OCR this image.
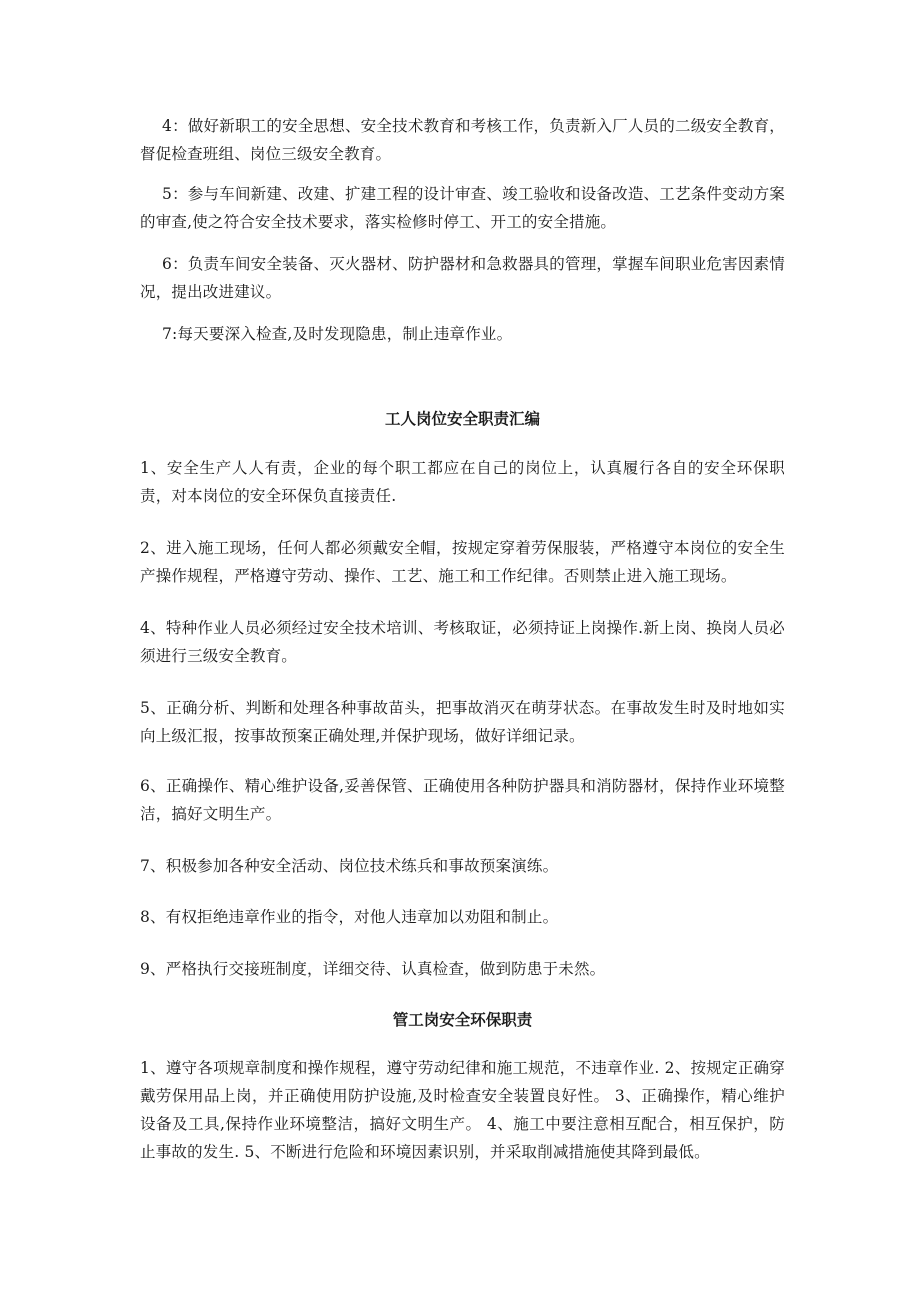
4：做好新职工的安全思想、安全技术教育和考核工作，负责新入厂人员的二级安全教育，督促检查班组、岗位三级安全教育。

5：参与车间新建、改建、扩建工程的设计审查、竣工验收和设备改造、工艺条件变动方案的审查,使之符合安全技术要求，落实检修时停工、开工的安全措施。

6：负责车间安全装备、灭火器材、防护器材和急救器具的管理，掌握车间职业危害因素情况，提出改进建议。

7:每天要深入检查,及时发现隐患，制止违章作业。

工人岗位安全职责汇编

1、安全生产人人有责，企业的每个职工都应在自己的岗位上，认真履行各自的安全环保职责，对本岗位的安全环保负直接责任.

2、进入施工现场，任何人都必须戴安全帽，按规定穿着劳保服装，严格遵守本岗位的安全生产操作规程，严格遵守劳动、操作、工艺、施工和工作纪律。否则禁止进入施工现场。

4、特种作业人员必须经过安全技术培训、考核取证，必须持证上岗操作.新上岗、换岗人员必须进行三级安全教育。

5、正确分析、判断和处理各种事故苗头，把事故消灭在萌芽状态。在事故发生时及时地如实向上级汇报，按事故预案正确处理,并保护现场，做好详细记录。

6、正确操作、精心维护设备,妥善保管、正确使用各种防护器具和消防器材，保持作业环境整洁，搞好文明生产。

7、积极参加各种安全活动、岗位技术练兵和事故预案演练。

8、有权拒绝违章作业的指令，对他人违章加以劝阻和制止。

9、严格执行交接班制度，详细交待、认真检查，做到防患于未然。

管工岗安全环保职责

1、遵守各项规章制度和操作规程，遵守劳动纪律和施工规范，不违章作业. 2、按规定正确穿戴劳保用品上岗，并正确使用防护设施,及时检查安全装置良好性。 3、正确操作，精心维护设备及工具,保持作业环境整洁，搞好文明生产。 4、施工中要注意相互配合，相互保护，防止事故的发生. 5、不断进行危险和环境因素识别，并采取削减措施使其降到最低。
